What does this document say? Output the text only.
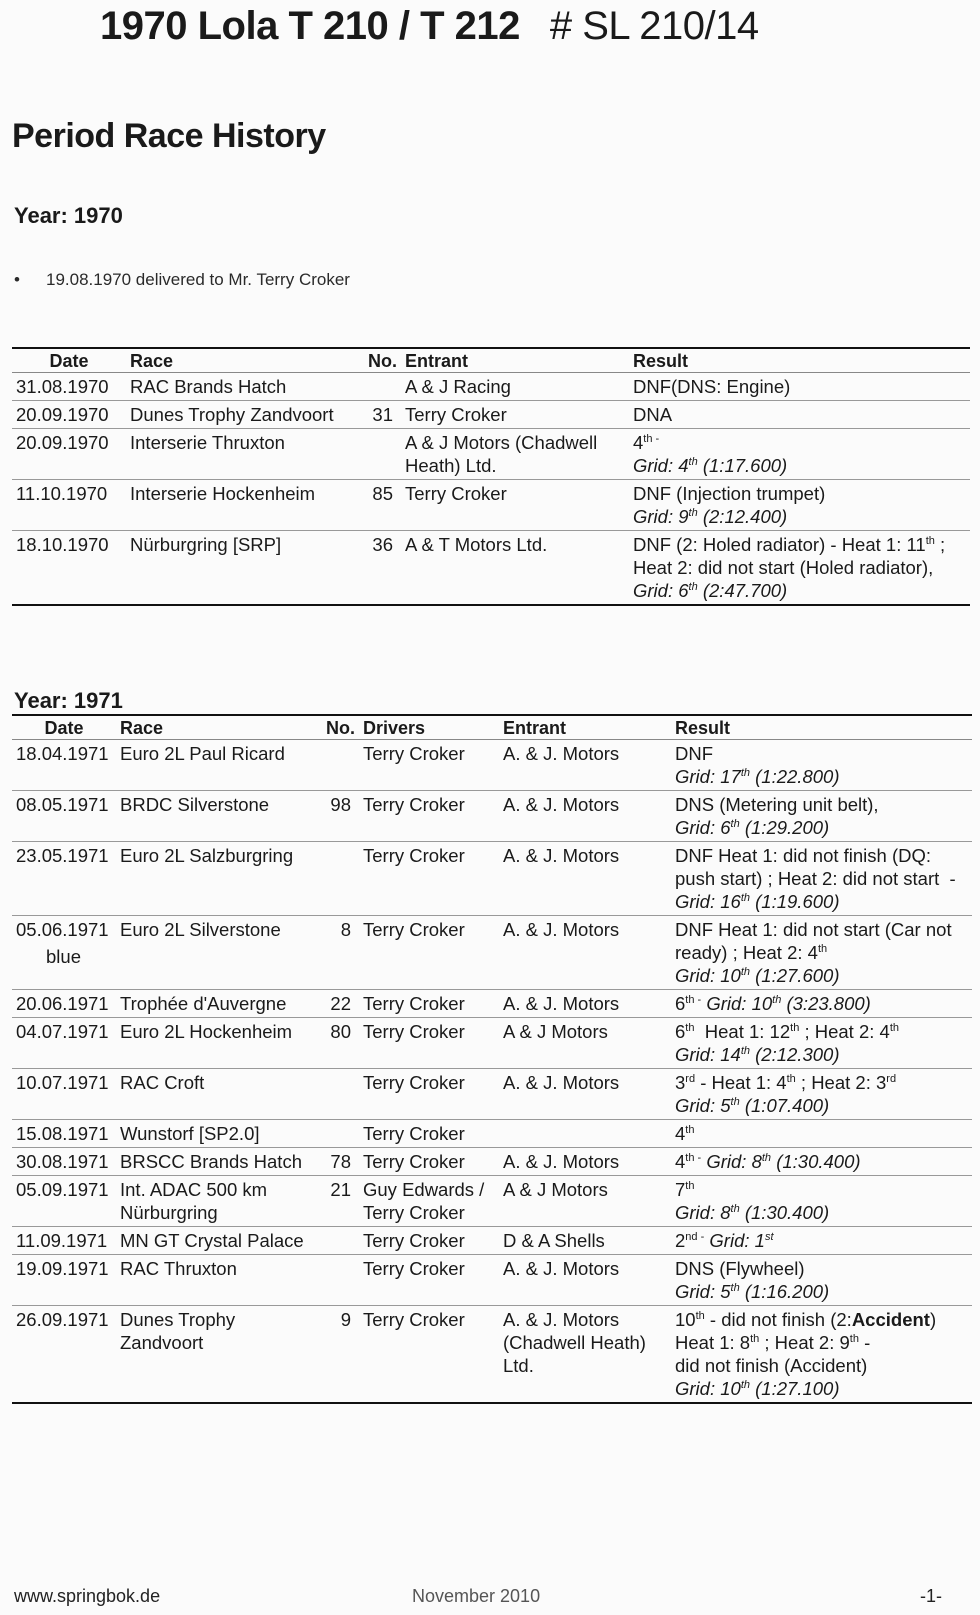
1970 Lola T 210 / T 212 # SL 210/14
Period Race History
Year: 1970
• 19.08.1970 delivered to Mr. Terry Croker
Date	Race	No.	Entrant	Result
31.08.1970	RAC Brands Hatch		A & J Racing	DNF(DNS: Engine)
20.09.1970	Dunes Trophy Zandvoort	31	Terry Croker	DNA
20.09.1970	Interserie Thruxton		A & J Motors (Chadwell Heath) Ltd.	$4^{th -}$
Grid: 4th (1:17.600)
11.10.1970	Interserie Hockenheim	85	Terry Croker	DNF (Injection trumpet)
Grid: 9th (2:12.400)
18.10.1970	Nürburgring [SRP]	36	A & T Motors Ltd.	DNF (2: Holed radiator) - Heat 1: 11th ; Heat 2: did not start (Holed radiator),  Grid: 6th (2:47.700)
Year: 1971
Date	Race	No.	Drivers	Entrant	Result
18.04.1971	Euro 2L Paul Ricard		Terry Croker	A. & J. Motors	DNF
Grid: 17th (1:22.800)
08.05.1971	BRDC Silverstone	98	Terry Croker	A. & J. Motors	DNS (Metering unit belt),
Grid: 6th (1:29.200)
23.05.1971	Euro 2L Salzburgring		Terry Croker	A. & J. Motors	DNF Heat 1: did not finish (DQ: push start) ; Heat 2: did not start  -  Grid: 16th (1:19.600)
05.06.1971
blue	Euro 2L Silverstone	8	Terry Croker	A. & J. Motors	DNF Heat 1: did not start (Car not ready) ; Heat 2: 4th
Grid: 10th (1:27.600)
20.06.1971	Trophée d'Auvergne	22	Terry Croker	A. & J. Motors	$6^{th -}$ Grid: 10th (3:23.800)
04.07.1971	Euro 2L Hockenheim	80	Terry Croker	A & J Motors	6th  Heat 1: 12th ; Heat 2: 4th
Grid: 14th (2:12.300)
10.07.1971	RAC Croft		Terry Croker	A. & J. Motors	3rd - Heat 1: 4th ; Heat 2: 3rd
Grid: 5th (1:07.400)
15.08.1971	Wunstorf [SP2.0]		Terry Croker		4th
30.08.1971	BRSCC Brands Hatch	78	Terry Croker	A. & J. Motors	$4^{th -}$ Grid: 8th (1:30.400)
05.09.1971	Int. ADAC 500 km Nürburgring	21	Guy Edwards / Terry Croker	A & J Motors	7th
Grid: 8th (1:30.400)
11.09.1971	MN GT Crystal Palace		Terry Croker	D & A Shells	$2^{nd -}$ Grid: 1st
19.09.1971	RAC Thruxton		Terry Croker	A. & J. Motors	DNS (Flywheel)
Grid: 5th (1:16.200)
26.09.1971	Dunes Trophy Zandvoort	9	Terry Croker	A. & J. Motors (Chadwell Heath) Ltd.	10th - did not finish (2:Accident)
Heat 1: 8th ; Heat 2: 9th -
did not finish (Accident)
Grid: 10th (1:27.100)
www.springbok.de	November 2010	-1-
